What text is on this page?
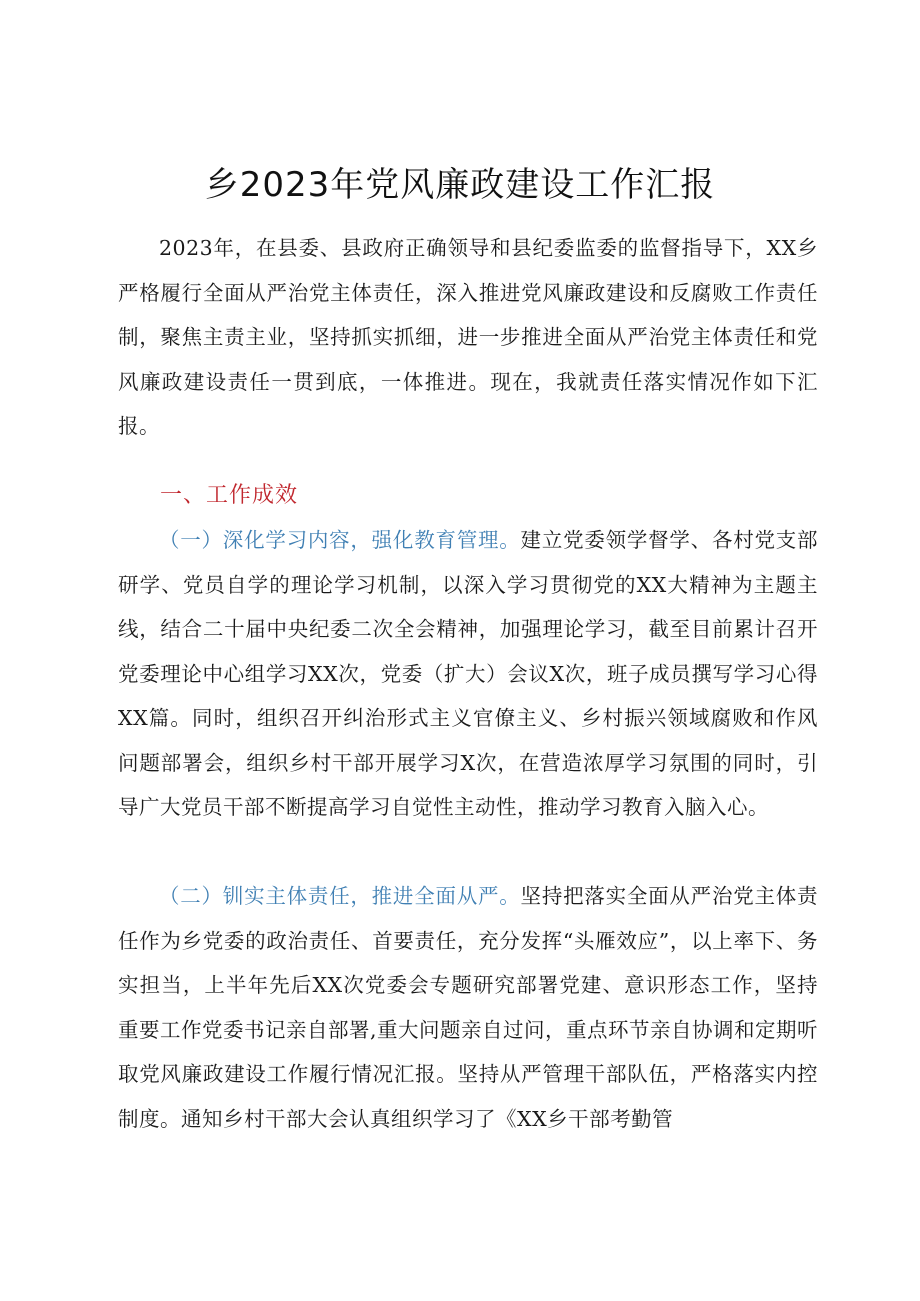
乡2023年党风廉政建设工作汇报

2023年，在县委、县政府正确领导和县纪委监委的监督指导下，XX乡严格履行全面从严治党主体责任，深入推进党风廉政建设和反腐败工作责任制，聚焦主责主业，坚持抓实抓细，进一步推进全面从严治党主体责任和党风廉政建设责任一贯到底，一体推进。现在，我就责任落实情况作如下汇报。

一、工作成效

（一）深化学习内容，强化教育管理。建立党委领学督学、各村党支部研学、党员自学的理论学习机制，以深入学习贯彻党的XX大精神为主题主线，结合二十届中央纪委二次全会精神，加强理论学习，截至目前累计召开党委理论中心组学习XX次，党委（扩大）会议X次，班子成员撰写学习心得XX篇。同时，组织召开纠治形式主义官僚主义、乡村振兴领域腐败和作风问题部署会，组织乡村干部开展学习X次，在营造浓厚学习氛围的同时，引导广大党员干部不断提高学习自觉性主动性，推动学习教育入脑入心。

（二）钏实主体责任，推进全面从严。坚持把落实全面从严治党主体责任作为乡党委的政治责任、首要责任，充分发挥“头雁效应”，以上率下、务实担当，上半年先后XX次党委会专题研究部署党建、意识形态工作，坚持重要工作党委书记亲自部署,重大问题亲自过问，重点环节亲自协调和定期听取党风廉政建设工作履行情况汇报。坚持从严管理干部队伍，严格落实内控制度。通知乡村干部大会认真组织学习了《XX乡干部考勤管
